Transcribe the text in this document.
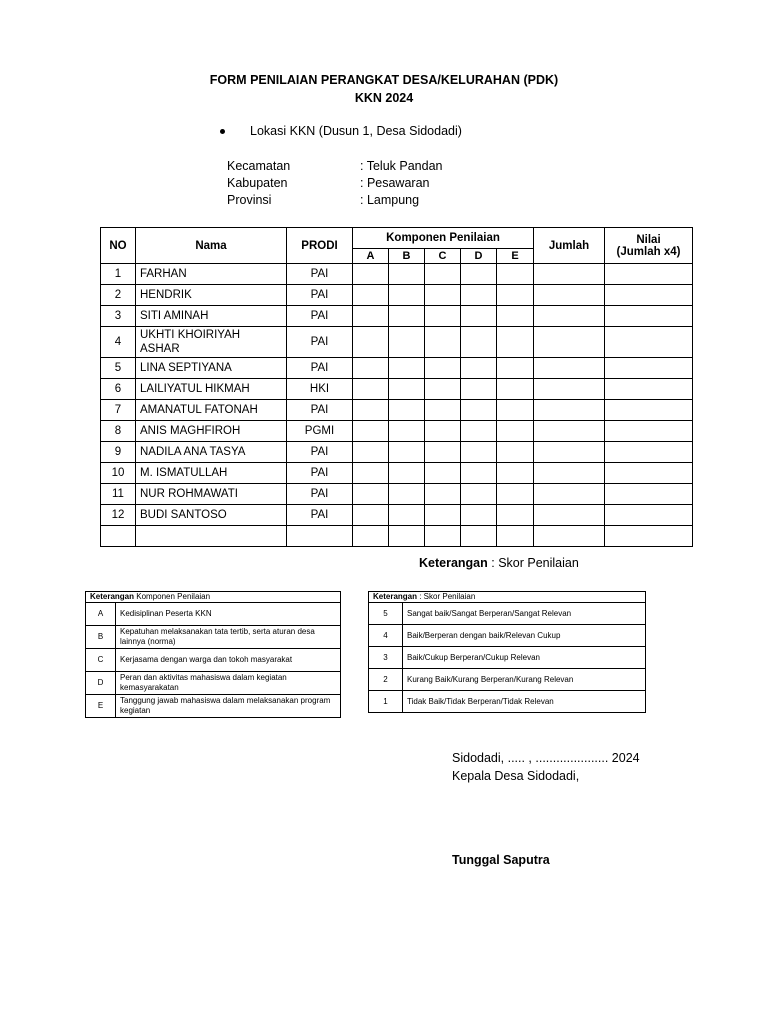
FORM PENILAIAN PERANGKAT DESA/KELURAHAN (PDK)
KKN 2024
Lokasi KKN (Dusun 1, Desa Sidodadi)
Kecamatan	: Teluk Pandan
Kabupaten	: Pesawaran
Provinsi	: Lampung
NO	Nama	PRODI	Komponen Penilaian					Jumlah	Nilai
(Jumlah x4)

			A	B	C	D	E		
1	FARHAN	PAI							
2	HENDRIK	PAI							
3	SITI AMINAH	PAI							
4	UKHTI KHOIRIYAH ASHAR	PAI							
5	LINA SEPTIYANA	PAI							
6	LAILIYATUL HIKMAH	HKI							
7	AMANATUL FATONAH	PAI							
8	ANIS MAGHFIROH	PGMI							
9	NADILA ANA TASYA	PAI							
10	M. ISMATULLAH	PAI							
11	NUR ROHMAWATI	PAI							
12	BUDI SANTOSO	PAI							

Keterangan : Skor Penilaian
Keterangan Komponen Penilaian	
A	Kedisiplinan Peserta KKN
B	Kepatuhan melaksanakan tata tertib, serta aturan desa lainnya (norma)
C	Kerjasama dengan warga dan tokoh masyarakat
D	Peran dan aktivitas mahasiswa dalam kegiatan kemasyarakatan
E	Tanggung jawab mahasiswa dalam melaksanakan program kegiatan
Keterangan : Skor Penilaian	
5	Sangat baik/Sangat Berperan/Sangat Relevan
4	Baik/Berperan dengan baik/Relevan Cukup
3	Baik/Cukup Berperan/Cukup Relevan
2	Kurang Baik/Kurang Berperan/Kurang Relevan
1	Tidak Baik/Tidak Berperan/Tidak Relevan
Sidodadi, ..... , ..................... 2024
Kepala Desa Sidodadi,
Tunggal Saputra
